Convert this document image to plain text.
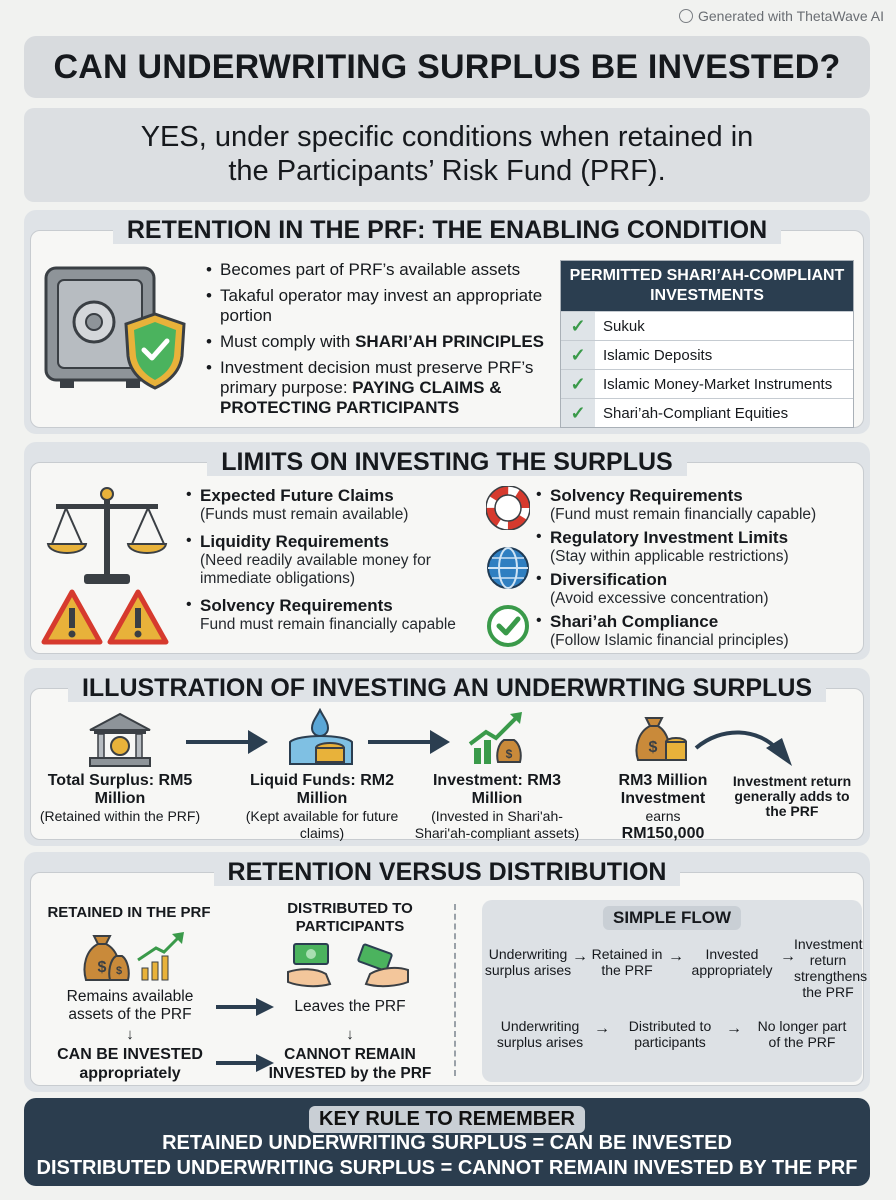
Generated with ThetaWave AI
CAN UNDERWRITING SURPLUS BE INVESTED?

YES, under specific conditions when retained in
the Participants’ Risk Fund (PRF).

RETENTION IN THE PRF: THE ENABLING CONDITION
• Becomes part of PRF’s available assets
• Takaful operator may invest an appropriate portion
• Must comply with SHARI’AH PRINCIPLES
• Investment decision must preserve PRF’s primary purpose: PAYING CLAIMS & PROTECTING PARTICIPANTS
PERMITTED SHARI’AH-COMPLIANT INVESTMENTS
✓	Sukuk
✓	Islamic Deposits
✓	Islamic Money-Market Instruments
✓	Shari’ah-Compliant Equities
LIMITS ON INVESTING THE SURPLUS
• Expected Future Claims
(Funds must remain available)
• Liquidity Requirements
(Need readily available money for immediate obligations)
• Solvency Requirements
Fund must remain financially capable
• Solvency Requirements
(Fund must remain financially capable)
• Regulatory Investment Limits
(Stay within applicable restrictions)
• Diversification
(Avoid excessive concentration)
• Shari’ah Compliance
(Follow Islamic financial principles)
ILLUSTRATION OF INVESTING AN UNDERWRTING SURPLUS
Total Surplus: RM5 Million
(Retained within the PRF)
Liquid Funds: RM2 Million
(Kept available for future claims)
$
Investment: RM3 Million
(Invested in Shari'ah-Shari'ah-compliant assets)
$
RM3 Million Investment
earns
RM150,000
Investment return generally adds to the PRF
RETENTION VERSUS DISTRIBUTION
RETAINED IN THE PRF
$ $
Remains available assets of the PRF
↓
CAN BE INVESTED appropriately
DISTRIBUTED TO PARTICIPANTS
Leaves the PRF
↓
CANNOT REMAIN INVESTED by the PRF
SIMPLE FLOW
Underwriting surplus arises
→ Retained in the PRF
→	Invested appropriately
→
Investment return strengthens the PRF
Underwriting surplus arises
→	Distributed to participants
→ No longer part of the PRF
KEY RULE TO REMEMBER
RETAINED UNDERWRITING SURPLUS = CAN BE INVESTED
DISTRIBUTED UNDERWRITING SURPLUS = CANNOT REMAIN INVESTED BY THE PRF
